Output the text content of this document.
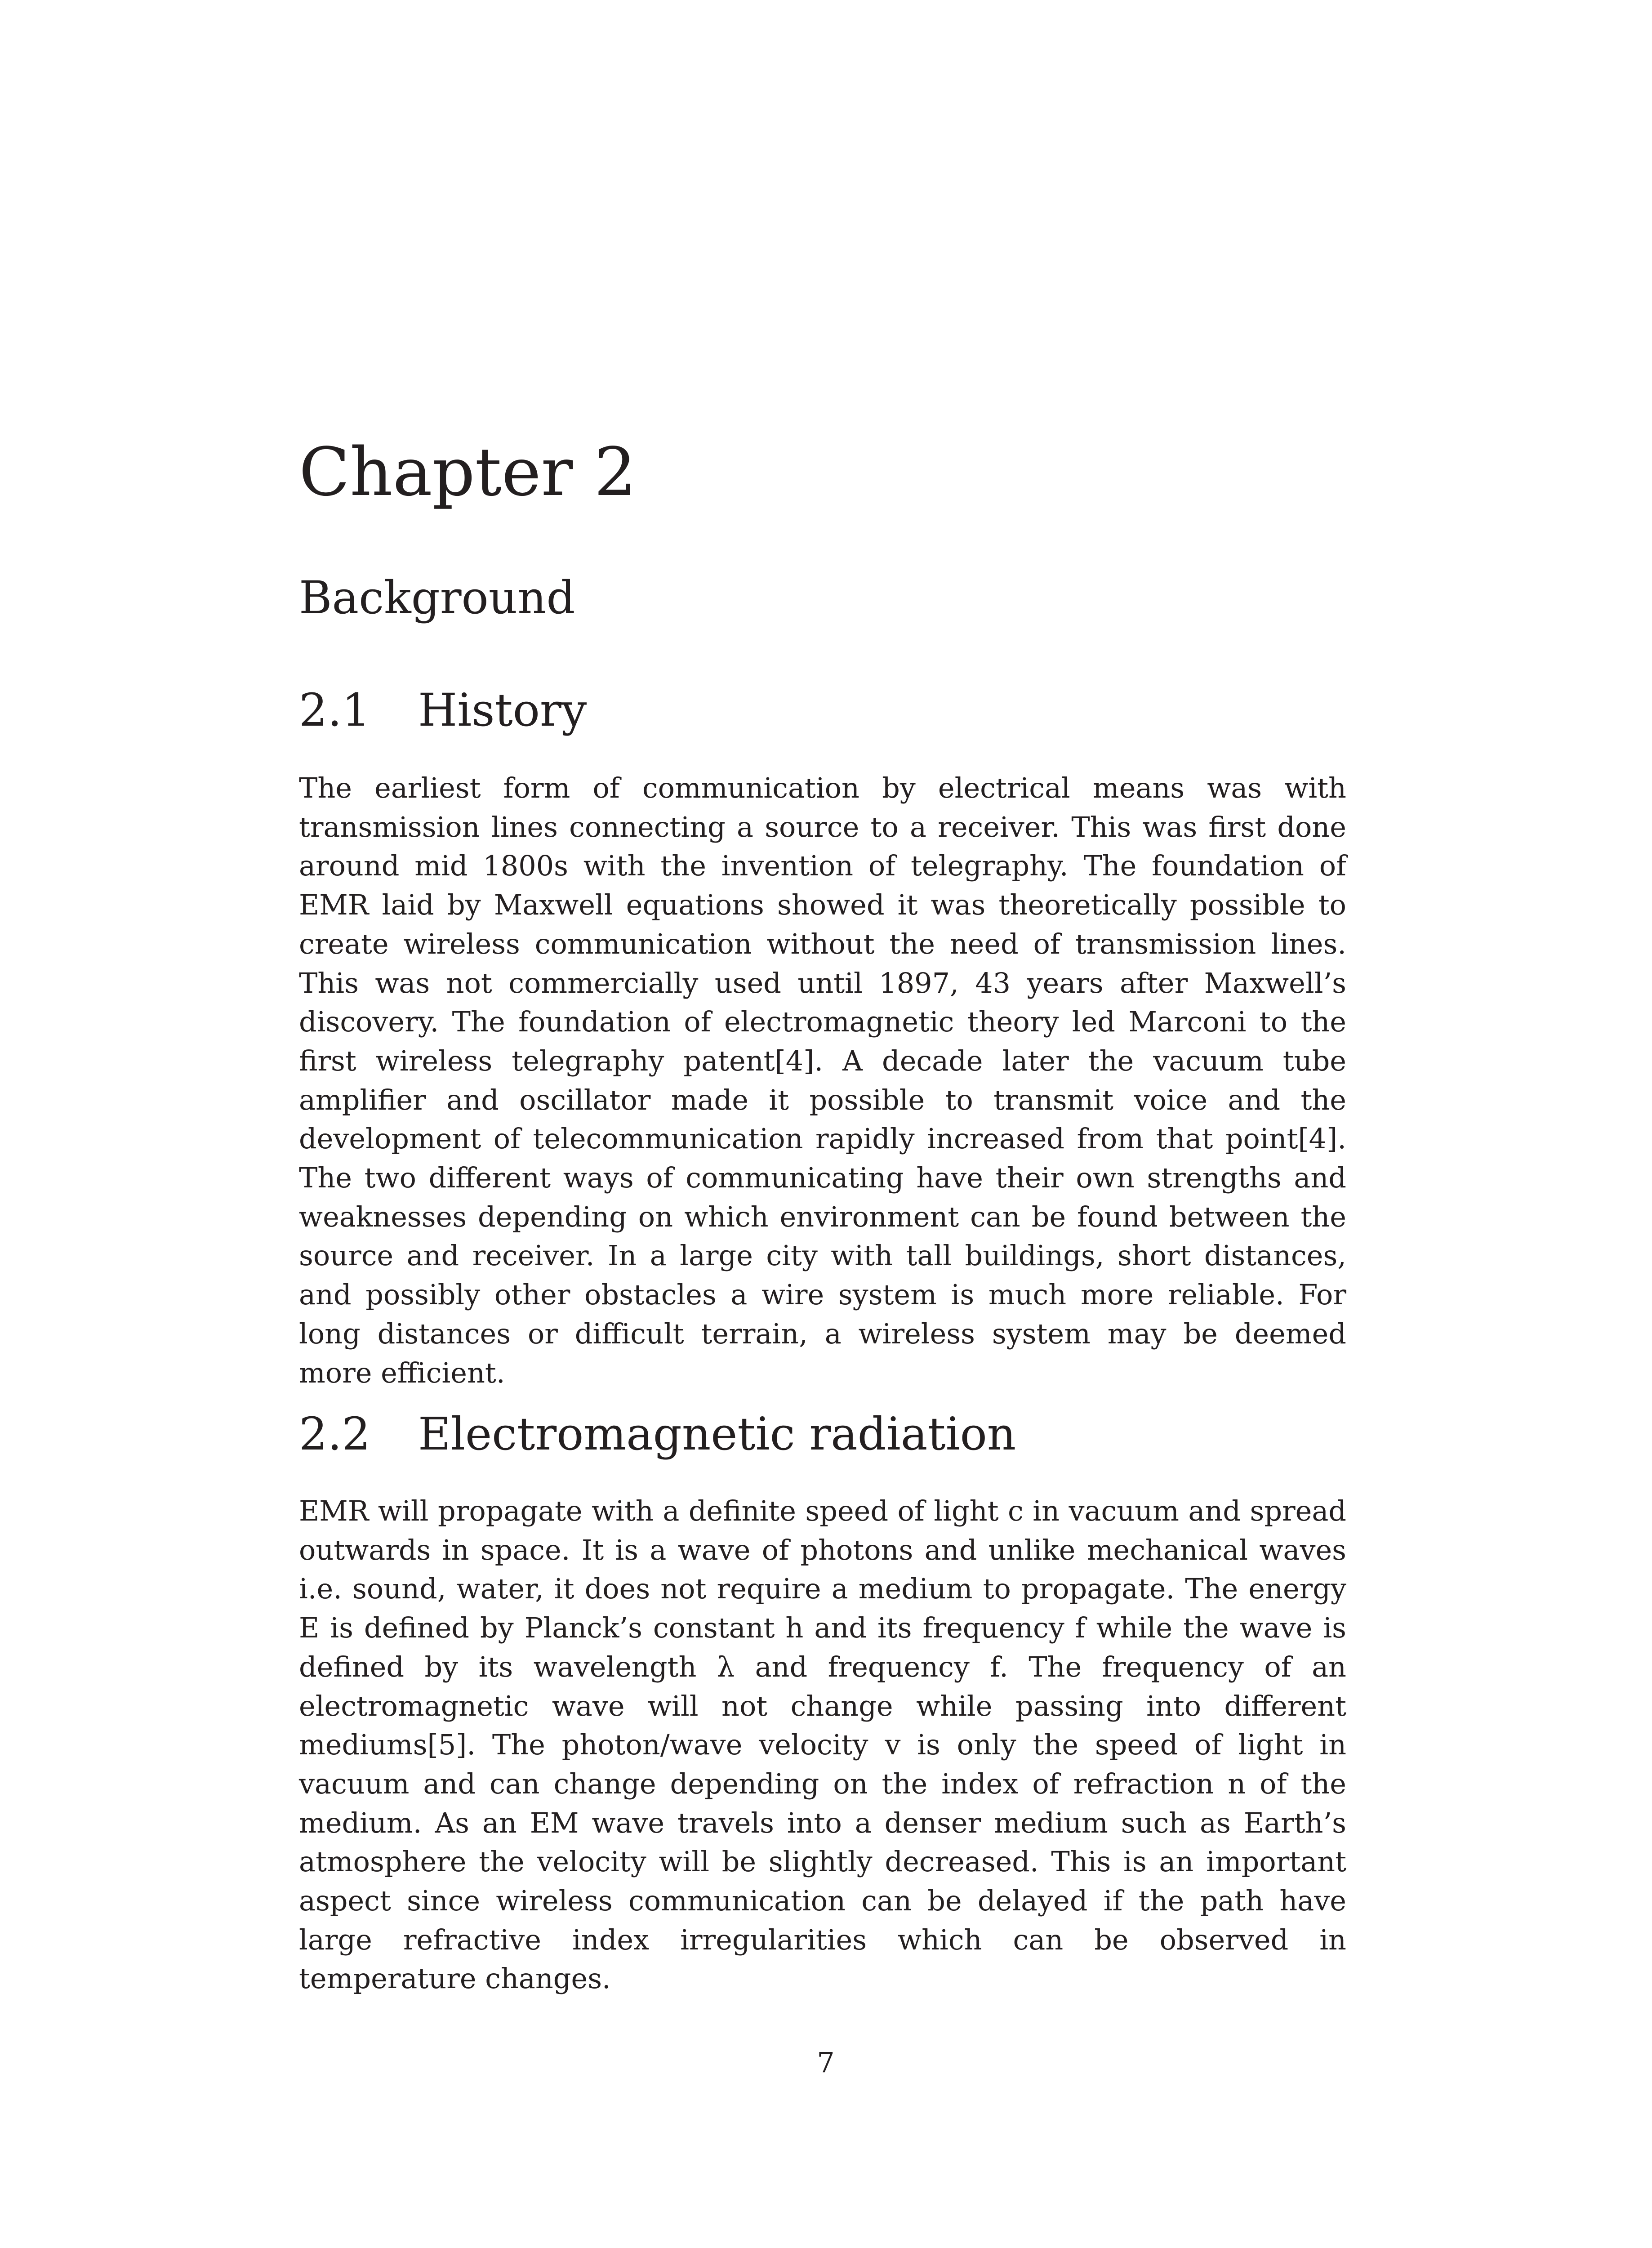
Chapter 2
Background
2.1 History

The earliest form of communication by electrical means was with transmission lines connecting a source to a receiver. This was first done around mid 1800s with the invention of telegraphy. The foundation of EMR laid by Maxwell equations showed it was theoretically possible to create wireless communication without the need of transmission lines. This was not commercially used until 1897, 43 years after Maxwell’s discovery. The foundation of electromagnetic theory led Marconi to the first wireless telegraphy patent[4]. A decade later the vacuum tube amplifier and oscillator made it possible to transmit voice and the development of telecommunication rapidly increased from that point[4]. The two different ways of communicating have their own strengths and weaknesses depending on which environment can be found between the source and receiver. In a large city with tall buildings, short distances, and possibly other obstacles a wire system is much more reliable. For long distances or difficult terrain, a wireless system may be deemed more efficient.

2.2 Electromagnetic radiation

EMR will propagate with a definite speed of light c in vacuum and spread outwards in space. It is a wave of photons and unlike mechanical waves i.e. sound, water, it does not require a medium to propagate. The energy E is defined by Planck’s constant h and its frequency f while the wave is defined by its wavelength λ and frequency f. The frequency of an electromagnetic wave will not change while passing into different mediums[5]. The photon/wave velocity v is only the speed of light in vacuum and can change depending on the index of refraction n of the medium. As an EM wave travels into a denser medium such as Earth’s atmosphere the velocity will be slightly decreased. This is an important aspect since wireless communication can be delayed if the path have large refractive index irregularities which can be observed in temperature changes.

7
